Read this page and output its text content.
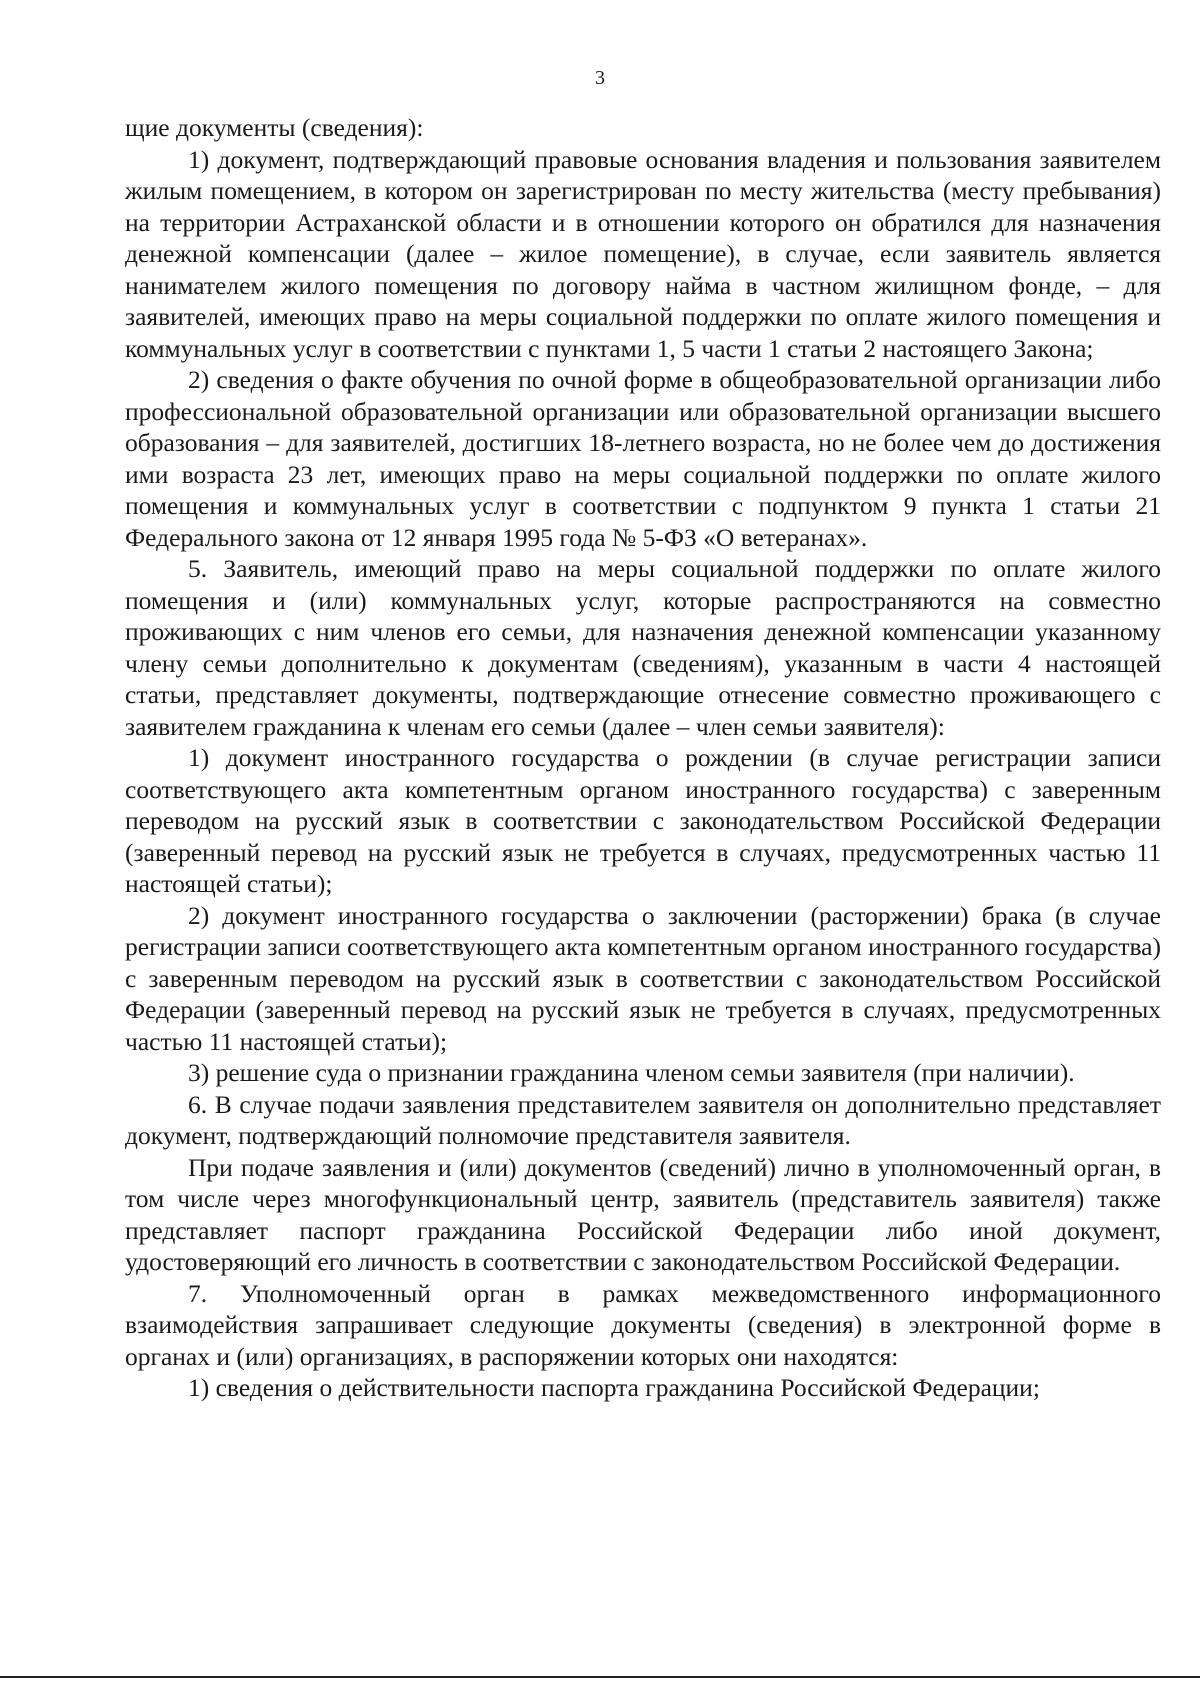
3

щие документы (сведения):

1) документ, подтверждающий правовые основания владения и пользования заявителем жилым помещением, в котором он зарегистрирован по месту жительства (месту пребывания) на территории Астраханской области и в отношении которого он обратился для назначения денежной компенсации (далее – жилое помещение), в случае, если заявитель является нанимателем жилого помещения по договору найма в частном жилищном фонде, – для заявителей, имеющих право на меры социальной поддержки по оплате жилого помещения и коммунальных услуг в соответствии с пунктами 1, 5 части 1 статьи 2 настоящего Закона;

2) сведения о факте обучения по очной форме в общеобразовательной организации либо профессиональной образовательной организации или образовательной организации высшего образования – для заявителей, достигших 18-летнего возраста, но не более чем до достижения ими возраста 23 лет, имеющих право на меры социальной поддержки по оплате жилого помещения и коммунальных услуг в соответствии с подпунктом 9 пункта 1 статьи 21 Федерального закона от 12 января 1995 года № 5-ФЗ «О ветеранах».

5. Заявитель, имеющий право на меры социальной поддержки по оплате жилого помещения и (или) коммунальных услуг, которые распространяются на совместно проживающих с ним членов его семьи, для назначения денежной компенсации указанному члену семьи дополнительно к документам (сведениям), указанным в части 4 настоящей статьи, представляет документы, подтверждающие отнесение совместно проживающего с заявителем гражданина к членам его семьи (далее – член семьи заявителя):

1) документ иностранного государства о рождении (в случае регистрации записи соответствующего акта компетентным органом иностранного государства) с заверенным переводом на русский язык в соответствии с законодательством Российской Федерации (заверенный перевод на русский язык не требуется в случаях, предусмотренных частью 11 настоящей статьи);

2) документ иностранного государства о заключении (расторжении) брака (в случае регистрации записи соответствующего акта компетентным органом иностранного государства) с заверенным переводом на русский язык в соответствии с законодательством Российской Федерации (заверенный перевод на русский язык не требуется в случаях, предусмотренных частью 11 настоящей статьи);

3) решение суда о признании гражданина членом семьи заявителя (при наличии).

6. В случае подачи заявления представителем заявителя он дополнительно представляет документ, подтверждающий полномочие представителя заявителя.

При подаче заявления и (или) документов (сведений) лично в уполномоченный орган, в том числе через многофункциональный центр, заявитель (представитель заявителя) также представляет паспорт гражданина Российской Федерации либо иной документ, удостоверяющий его личность в соответствии с законодательством Российской Федерации.

7. Уполномоченный орган в рамках межведомственного информационного взаимодействия запрашивает следующие документы (сведения) в электронной форме в органах и (или) организациях, в распоряжении которых они находятся:

1) сведения о действительности паспорта гражданина Российской Федерации;
